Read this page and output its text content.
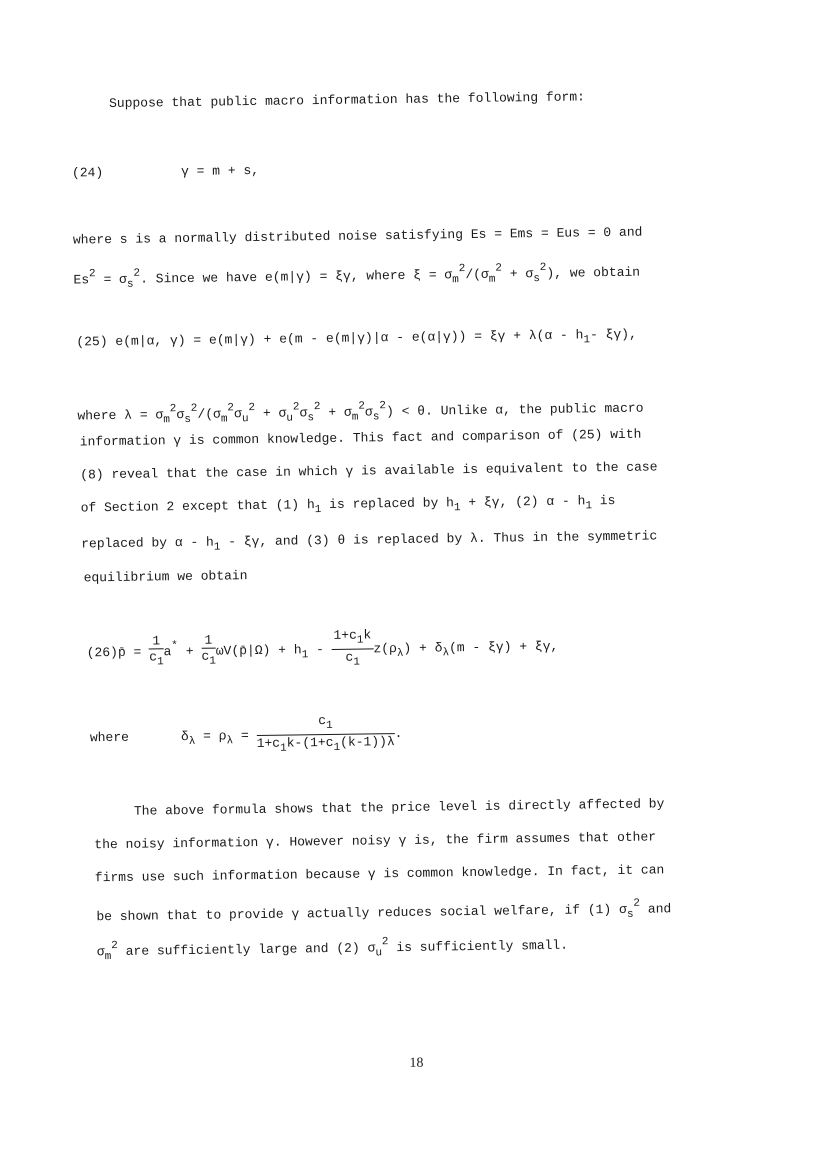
Suppose that public macro information has the following form:
(24)	γ = m + s,
where s is a normally distributed noise satisfying Es = Ems = Eus = 0 and
$Es^2 = \sigma_s^2$. Since we have e(m|γ) = ξγ, where $\xi = \sigma_m^2/(\sigma_m^2 + \sigma_s^2)$, we obtain
(25) e(m|α, $\gamma) = e(m|\gamma) + e(m - e(m|\gamma)|\alpha - e(\alpha|\gamma)) = \xi\gamma + \lambda(\alpha - h_1-$ ξγ),
where $\lambda = \sigma_m^2\sigma_s^2/(\sigma_m^2\sigma_u^2 + \sigma_u^2\sigma_s^2 + \sigma_m^2\sigma_s^2) < \theta$. Unlike α, the public macro
information γ is common knowledge. This fact and comparison of (25) with
(8) reveal that the case in which γ is available is equivalent to the case
of Section 2 except that (1) $h_1$ is replaced by $h_1 + \xi\gamma$, (2) α - $h_1$ is
replaced by α - $h_1$ - ξγ, and (3) θ is replaced by λ. Thus in the symmetric
equilibrium we obtain
(26)p̄ = $\frac{1}{c_1} a^* + \frac{1}{c_1}$ ωV(p̄|Ω) + $h_1 - \frac{1+c_1k}{c_1} z(\rho_\lambda) + \delta_\lambda(m - \xi\gamma) + \xi\gamma$,
where	$\delta_\lambda = \rho_\lambda = \frac{c_1}{1+c_1k-(1+c_1(k-1))\lambda}$ .
The above formula shows that the price level is directly affected by
the noisy information γ. However noisy γ is, the firm assumes that other
firms use such information because γ is common knowledge. In fact, it can
be shown that to provide γ actually reduces social welfare, if (1) $\sigma_s^2$ and
$\sigma_m^2$ are sufficiently large and (2) $\sigma_u^2$ is sufficiently small.
18
